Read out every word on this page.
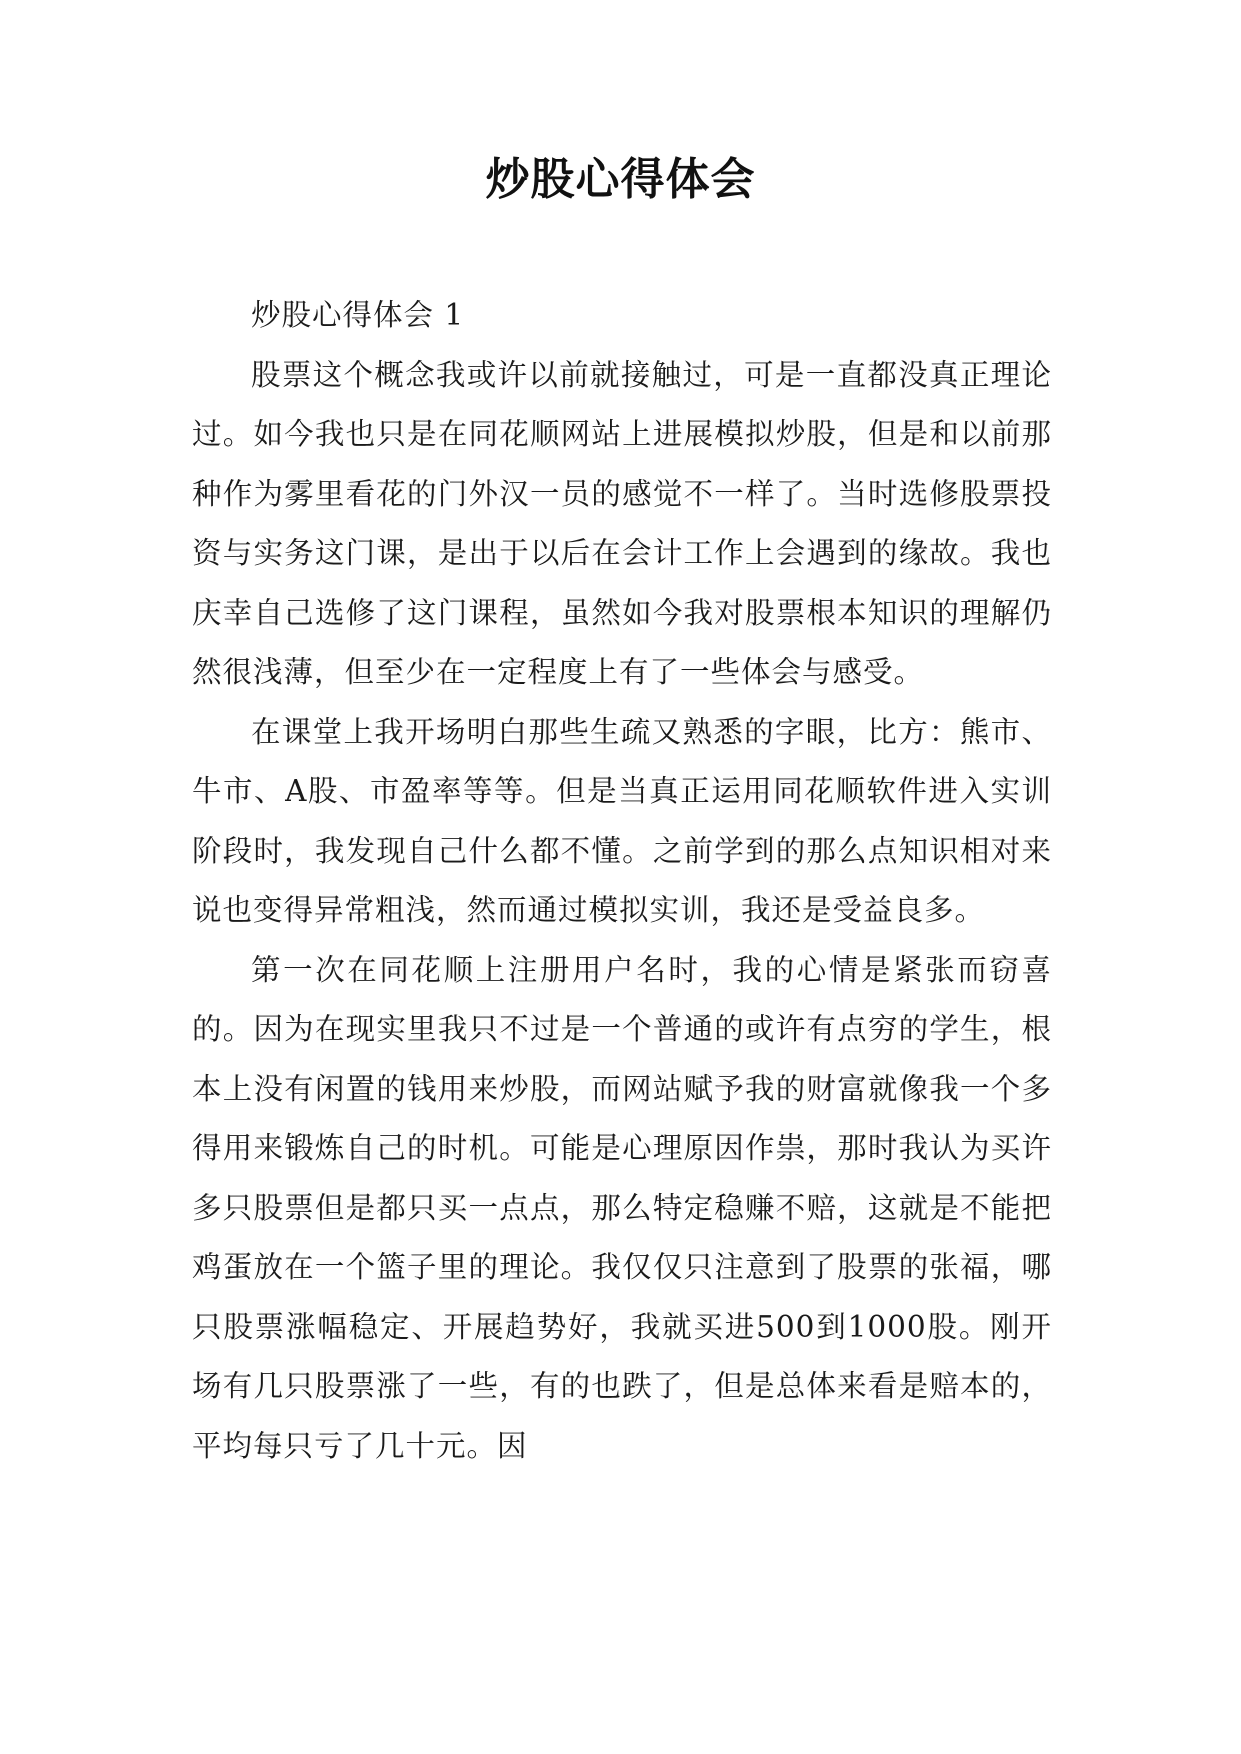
炒股心得体会

炒股心得体会 1

股票这个概念我或许以前就接触过，可是一直都没真正理论过。如今我也只是在同花顺网站上进展模拟炒股，但是和以前那种作为雾里看花的门外汉一员的感觉不一样了。当时选修股票投资与实务这门课，是出于以后在会计工作上会遇到的缘故。我也庆幸自己选修了这门课程，虽然如今我对股票根本知识的理解仍然很浅薄，但至少在一定程度上有了一些体会与感受。

在课堂上我开场明白那些生疏又熟悉的字眼，比方：熊市、牛市、A股、市盈率等等。但是当真正运用同花顺软件进入实训阶段时，我发现自己什么都不懂。之前学到的那么点知识相对来说也变得异常粗浅，然而通过模拟实训，我还是受益良多。

第一次在同花顺上注册用户名时，我的心情是紧张而窃喜的。因为在现实里我只不过是一个普通的或许有点穷的学生，根本上没有闲置的钱用来炒股，而网站赋予我的财富就像我一个多得用来锻炼自己的时机。可能是心理原因作祟，那时我认为买许多只股票但是都只买一点点，那么特定稳赚不赔，这就是不能把鸡蛋放在一个篮子里的理论。我仅仅只注意到了股票的张福，哪只股票涨幅稳定、开展趋势好，我就买进500到1000股。刚开场有几只股票涨了一些，有的也跌了，但是总体来看是赔本的，平均每只亏了几十元。因
